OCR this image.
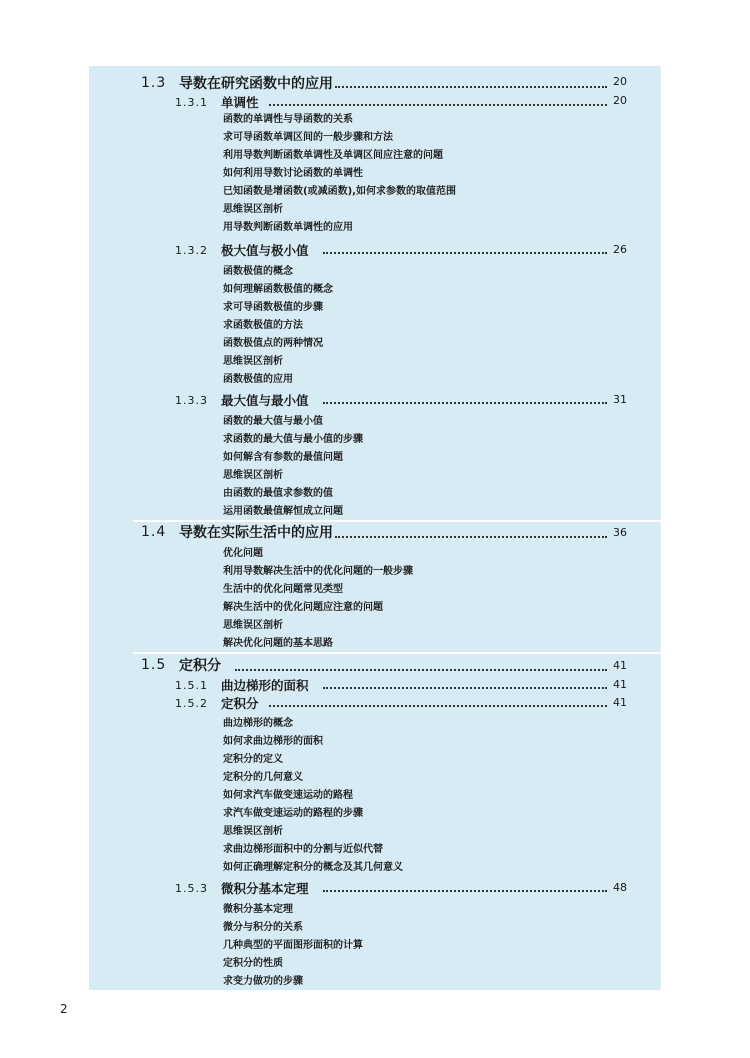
1.3 导数在研究函数中的应用	20
1.3.1	单调性	20
函数的单调性与导函数的关系
求可导函数单调区间的一般步骤和方法
利用导数判断函数单调性及单调区间应注意的问题
如何利用导数讨论函数的单调性
已知函数是增函数(或减函数),如何求参数的取值范围
思维误区剖析
用导数判断函数单调性的应用
1.3.2	极大值与极小值	26
函数极值的概念
如何理解函数极值的概念
求可导函数极值的步骤
求函数极值的方法
函数极值点的两种情况
思维误区剖析
函数极值的应用
1.3.3	最大值与最小值	31
函数的最大值与最小值
求函数的最大值与最小值的步骤
如何解含有参数的最值问题
思维误区剖析
由函数的最值求参数的值
运用函数最值解恒成立问题
1.4 导数在实际生活中的应用	36
优化问题
利用导数解决生活中的优化问题的一般步骤
生活中的优化问题常见类型
解决生活中的优化问题应注意的问题
思维误区剖析
解决优化问题的基本思路
1.5 定积分	41
1.5.1	曲边梯形的面积	41
1.5.2	定积分	41
曲边梯形的概念
如何求曲边梯形的面积
定积分的定义
定积分的几何意义
如何求汽车做变速运动的路程
求汽车做变速运动的路程的步骤
思维误区剖析
求曲边梯形面积中的分割与近似代替
如何正确理解定积分的概念及其几何意义
1.5.3	微积分基本定理	48
微积分基本定理
微分与积分的关系
几种典型的平面图形面积的计算
定积分的性质
求变力做功的步骤
2
